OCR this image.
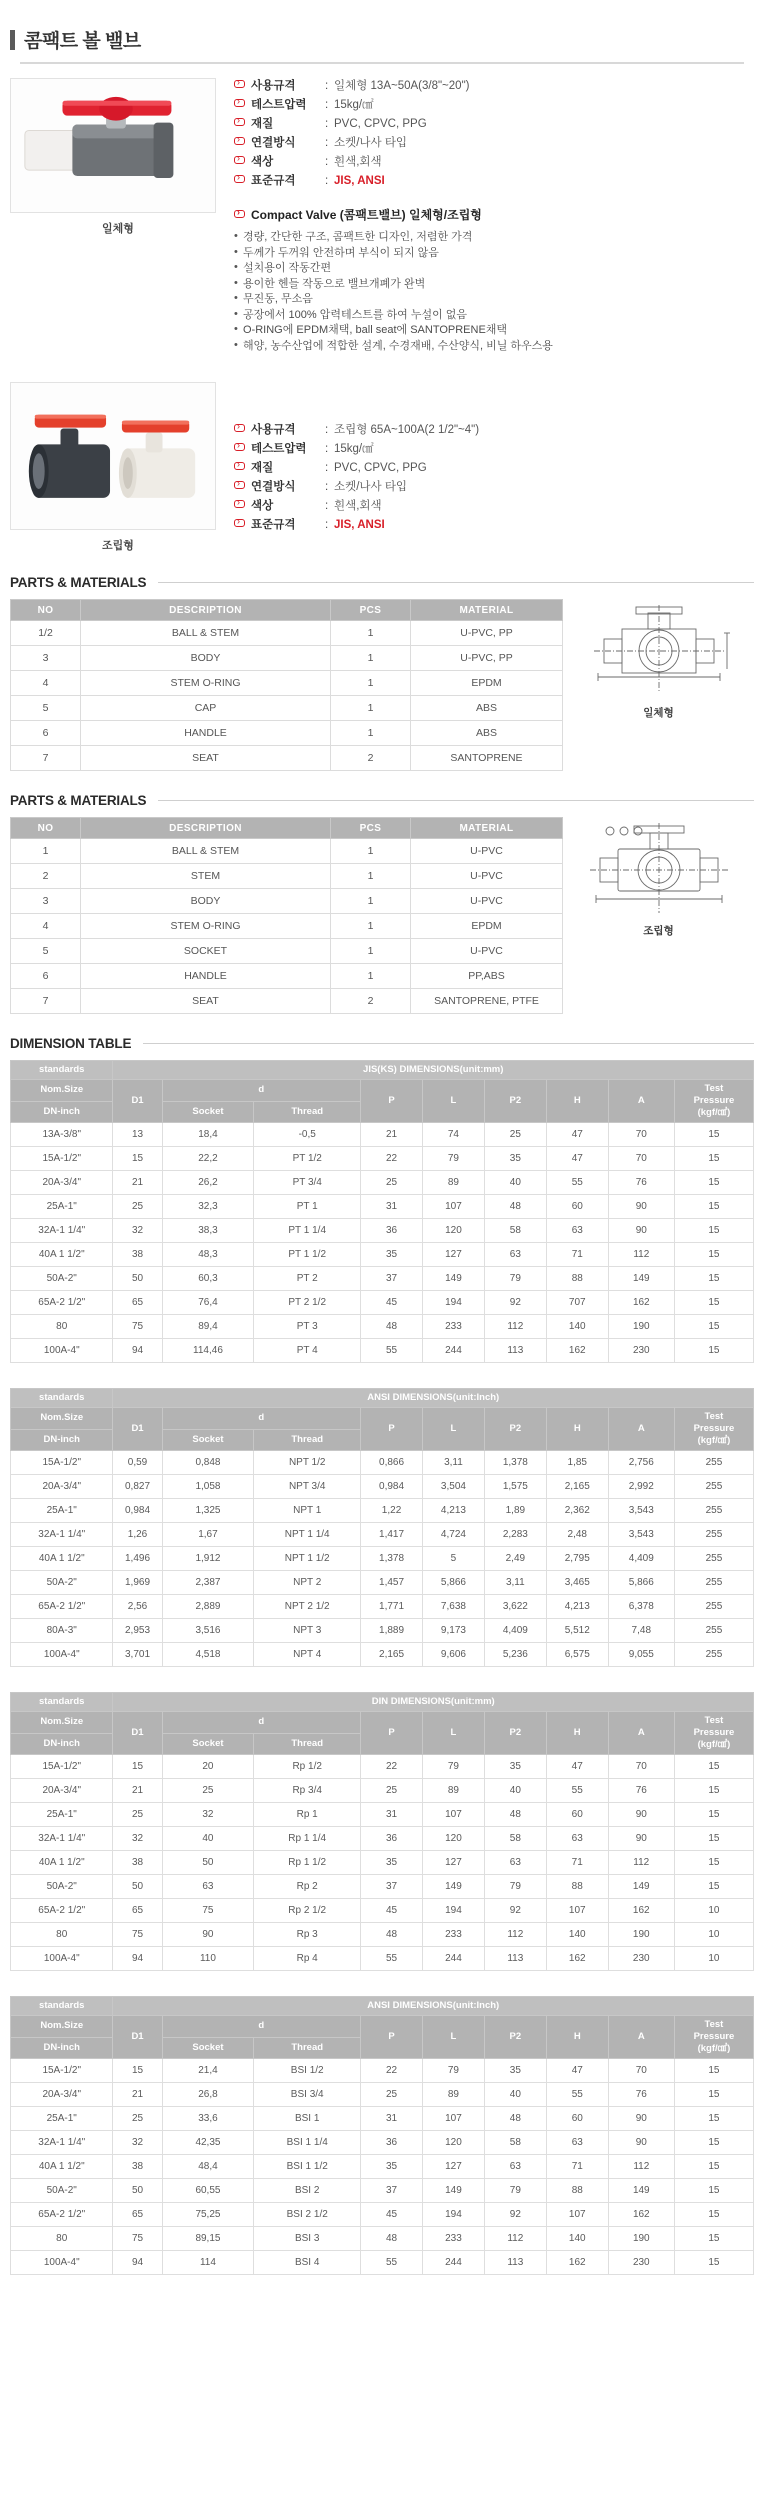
콤팩트 볼 밸브
일체형
›
사용규격	: 일체형 13A~50A(3/8"~20")
›
테스트압력	: 15kg/㎠
›
재질	: PVC, CPVC, PPG
›
연결방식	: 소켓/나사 타입
›
색상	: 흰색,회색
›
표준규격	: JIS, ANSI
›
Compact Valve (콤팩트밸브) 일체형/조립형
• 경량, 간단한 구조, 콤팩트한 디자인, 저렴한 가격
• 두께가 두꺼워 안전하며 부식이 되지 않음
• 설치용이 작동간편
• 용이한 헨들 작동으로 밸브개폐가 완벽
• 무진동, 무소음
• 공장에서 100% 압력테스트를 하여 누설이 없음
• O-RING에 EPDM채택, ball seat에 SANTOPRENE채택
• 해양, 농수산업에 적합한 설계, 수경재배, 수산양식, 비닐 하우스용
조립형
›
사용규격	: 조립형 65A~100A(2 1/2"~4")
›
테스트압력	: 15kg/㎠
›
재질	: PVC, CPVC, PPG
›
연결방식	: 소켓/나사 타입
›
색상	: 흰색,회색
›
표준규격	: JIS, ANSI
PARTS & MATERIALS
NO	DESCRIPTION	PCS	MATERIAL
1/2	BALL & STEM	1	U-PVC, PP
3	BODY	1	U-PVC, PP
4	STEM O-RING	1	EPDM
5	CAP	1	ABS
6	HANDLE	1	ABS
7	SEAT	2	SANTOPRENE
일체형
PARTS & MATERIALS
NO	DESCRIPTION	PCS	MATERIAL
1	BALL & STEM	1	U-PVC
2	STEM	1	U-PVC
3	BODY	1	U-PVC
4	STEM O-RING	1	EPDM
5	SOCKET	1	U-PVC
6	HANDLE	1	PP,ABS
7	SEAT	2	SANTOPRENE, PTFE
조립형
DIMENSION TABLE
standards	JIS(KS) DIMENSIONS(unit:mm)								
Nom.Size	D1	d		P	L	P2	H	A	Test
Pressure
(kgf/㎠)
DN-inch		Socket	Thread						
13A-3/8"	13	18,4	-0,5	21	74	25	47	70	15
15A-1/2"	15	22,2	PT 1/2	22	79	35	47	70	15
20A-3/4"	21	26,2	PT 3/4	25	89	40	55	76	15
25A-1"	25	32,3	PT 1	31	107	48	60	90	15
32A-1 1/4"	32	38,3	PT 1 1/4	36	120	58	63	90	15
40A 1 1/2"	38	48,3	PT 1 1/2	35	127	63	71	112	15
50A-2"	50	60,3	PT 2	37	149	79	88	149	15
65A-2 1/2"	65	76,4	PT 2 1/2	45	194	92	707	162	15
80	75	89,4	PT 3	48	233	112	140	190	15
100A-4"	94	114,46	PT 4	55	244	113	162	230	15
standards	ANSI DIMENSIONS(unit:Inch)								
Nom.Size	D1	d		P	L	P2	H	A	Test
Pressure
(kgf/㎠)
DN-inch		Socket	Thread						
15A-1/2"	0,59	0,848	NPT 1/2	0,866	3,11	1,378	1,85	2,756	255
20A-3/4"	0,827	1,058	NPT 3/4	0,984	3,504	1,575	2,165	2,992	255
25A-1"	0,984	1,325	NPT 1	1,22	4,213	1,89	2,362	3,543	255
32A-1 1/4"	1,26	1,67	NPT 1 1/4	1,417	4,724	2,283	2,48	3,543	255
40A 1 1/2"	1,496	1,912	NPT 1 1/2	1,378	5	2,49	2,795	4,409	255
50A-2"	1,969	2,387	NPT 2	1,457	5,866	3,11	3,465	5,866	255
65A-2 1/2"	2,56	2,889	NPT 2 1/2	1,771	7,638	3,622	4,213	6,378	255
80A-3"	2,953	3,516	NPT 3	1,889	9,173	4,409	5,512	7,48	255
100A-4"	3,701	4,518	NPT 4	2,165	9,606	5,236	6,575	9,055	255
standards	DIN DIMENSIONS(unit:mm)								
Nom.Size	D1	d		P	L	P2	H	A	Test
Pressure
(kgf/㎠)
DN-inch		Socket	Thread						
15A-1/2"	15	20	Rp 1/2	22	79	35	47	70	15
20A-3/4"	21	25	Rp 3/4	25	89	40	55	76	15
25A-1"	25	32	Rp 1	31	107	48	60	90	15
32A-1 1/4"	32	40	Rp 1 1/4	36	120	58	63	90	15
40A 1 1/2"	38	50	Rp 1 1/2	35	127	63	71	112	15
50A-2"	50	63	Rp 2	37	149	79	88	149	15
65A-2 1/2"	65	75	Rp 2 1/2	45	194	92	107	162	10
80	75	90	Rp 3	48	233	112	140	190	10
100A-4"	94	110	Rp 4	55	244	113	162	230	10
standards	ANSI DIMENSIONS(unit:Inch)								
Nom.Size	D1	d		P	L	P2	H	A	Test
Pressure
(kgf/㎠)
DN-inch		Socket	Thread						
15A-1/2"	15	21,4	BSI 1/2	22	79	35	47	70	15
20A-3/4"	21	26,8	BSI 3/4	25	89	40	55	76	15
25A-1"	25	33,6	BSI 1	31	107	48	60	90	15
32A-1 1/4"	32	42,35	BSI 1 1/4	36	120	58	63	90	15
40A 1 1/2"	38	48,4	BSI 1 1/2	35	127	63	71	112	15
50A-2"	50	60,55	BSI 2	37	149	79	88	149	15
65A-2 1/2"	65	75,25	BSI 2 1/2	45	194	92	107	162	15
80	75	89,15	BSI 3	48	233	112	140	190	15
100A-4"	94	114	BSI 4	55	244	113	162	230	15
